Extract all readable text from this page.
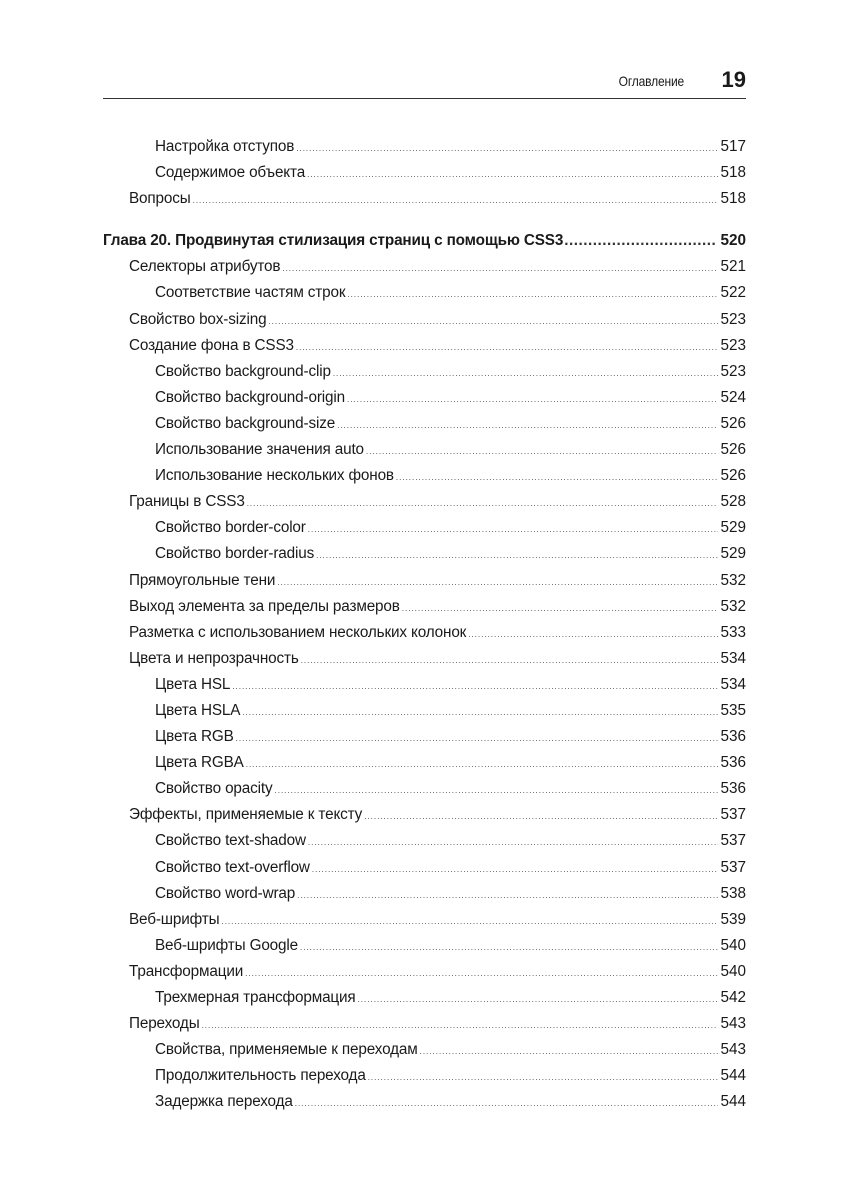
Оглавление 19
Настройка отступов .....	517
Содержимое объекта .....	518
Вопросы .....	518
Глава 20. Продвинутая стилизация страниц с помощью CSS3 .....	520
Селекторы атрибутов .....	521
Соответствие частям строк .....	522
Свойство box-sizing .....	523
Создание фона в CSS3 .....	523
Свойство background-clip .....	523
Свойство background-origin .....	524
Свойство background-size .....	526
Использование значения auto .....	526
Использование нескольких фонов .....	526
Границы в CSS3 .....	528
Свойство border-color .....	529
Свойство border-radius .....	529
Прямоугольные тени .....	532
Выход элемента за пределы размеров .....	532
Разметка с использованием нескольких колонок .....	533
Цвета и непрозрачность .....	534
Цвета HSL .....	534
Цвета HSLA .....	535
Цвета RGB .....	536
Цвета RGBA .....	536
Свойство opacity .....	536
Эффекты, применяемые к тексту .....	537
Свойство text-shadow .....	537
Свойство text-overflow .....	537
Свойство word-wrap .....	538
Веб-шрифты .....	539
Веб-шрифты Google .....	540
Трансформации .....	540
Трехмерная трансформация .....	542
Переходы .....	543
Свойства, применяемые к переходам .....	543
Продолжительность перехода .....	544
Задержка перехода .....	544
